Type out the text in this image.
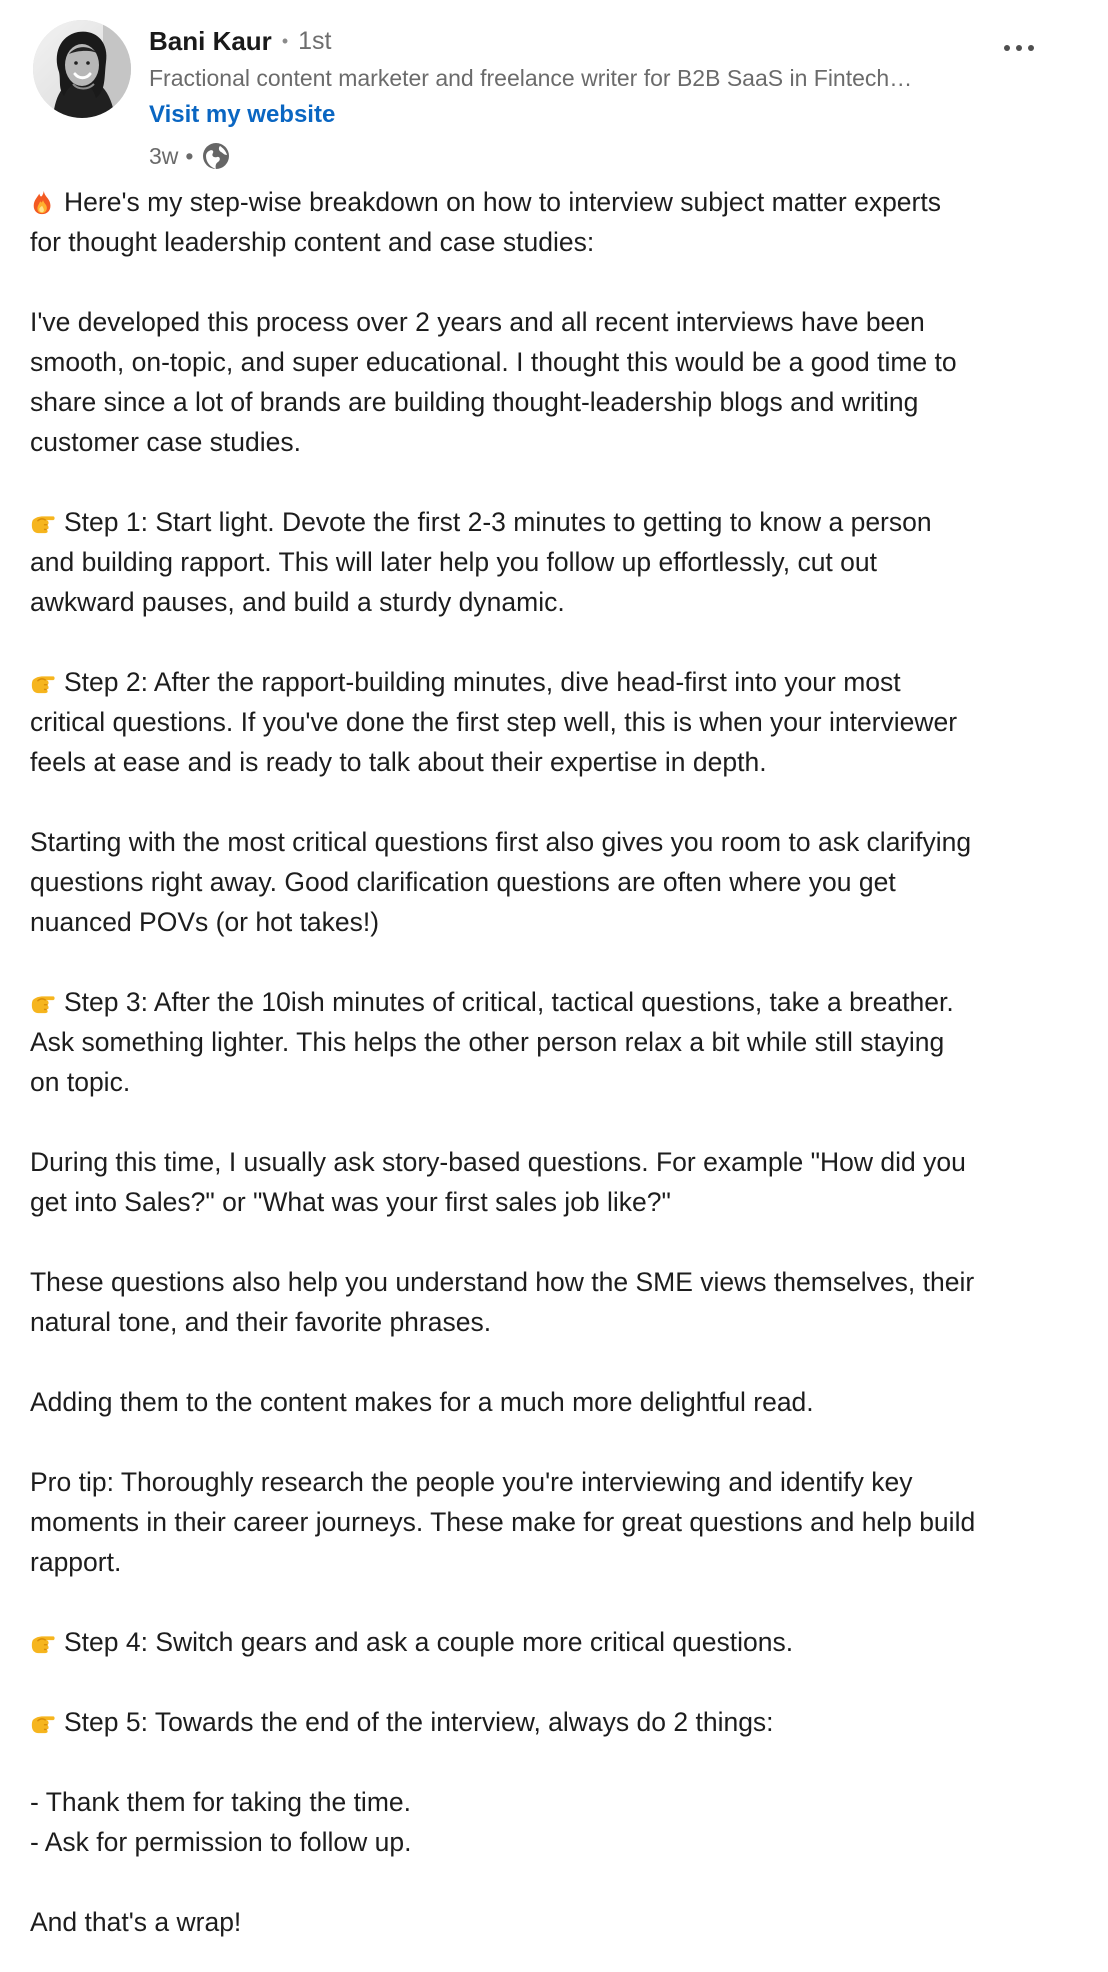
Bani Kaur • 1st
Fractional content marketer and freelance writer for B2B SaaS in Fintech…
Visit my website
3w •
Here's my step-wise breakdown on how to interview subject matter experts
for thought leadership content and case studies:
I've developed this process over 2 years and all recent interviews have been
smooth, on-topic, and super educational. I thought this would be a good time to
share since a lot of brands are building thought-leadership blogs and writing
customer case studies.
Step 1: Start light. Devote the first 2-3 minutes to getting to know a person
and building rapport. This will later help you follow up effortlessly, cut out
awkward pauses, and build a sturdy dynamic.
Step 2: After the rapport-building minutes, dive head-first into your most
critical questions. If you've done the first step well, this is when your interviewer
feels at ease and is ready to talk about their expertise in depth.
Starting with the most critical questions first also gives you room to ask clarifying
questions right away. Good clarification questions are often where you get
nuanced POVs (or hot takes!)
Step 3: After the 10ish minutes of critical, tactical questions, take a breather.
Ask something lighter. This helps the other person relax a bit while still staying
on topic.
During this time, I usually ask story-based questions. For example "How did you
get into Sales?" or "What was your first sales job like?"
These questions also help you understand how the SME views themselves, their
natural tone, and their favorite phrases.
Adding them to the content makes for a much more delightful read.
Pro tip: Thoroughly research the people you're interviewing and identify key
moments in their career journeys. These make for great questions and help build
rapport.
Step 4: Switch gears and ask a couple more critical questions.
Step 5: Towards the end of the interview, always do 2 things:
- Thank them for taking the time.
- Ask for permission to follow up.
And that's a wrap!
